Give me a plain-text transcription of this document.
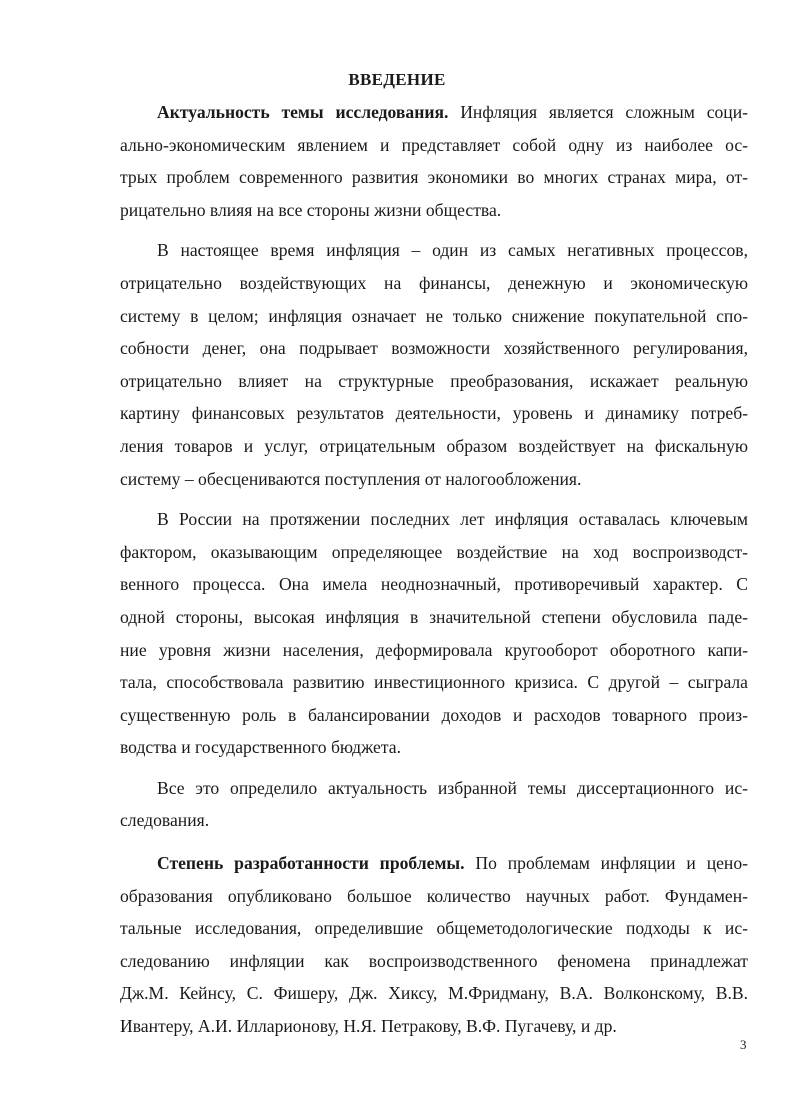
ВВЕДЕНИЕ

Актуальность темы исследования. Инфляция является сложным соци-
ально-экономическим явлением и представляет собой одну из наиболее ос-
трых проблем современного развития экономики во многих странах мира, от-
рицательно влияя на все стороны жизни общества.

В настоящее время инфляция – один из самых негативных процессов,
отрицательно воздействующих на финансы, денежную и экономическую
систему в целом; инфляция означает не только снижение покупательной спо-
собности денег, она подрывает возможности хозяйственного регулирования,
отрицательно влияет на структурные преобразования, искажает реальную
картину финансовых результатов деятельности, уровень и динамику потреб-
ления товаров и услуг, отрицательным образом воздействует на фискальную
систему – обесцениваются поступления от налогообложения.

В России на протяжении последних лет инфляция оставалась ключевым
фактором, оказывающим определяющее воздействие на ход воспроизводст-
венного процесса. Она имела неоднозначный, противоречивый характер. С
одной стороны, высокая инфляция в значительной степени обусловила паде-
ние уровня жизни населения, деформировала кругооборот оборотного капи-
тала, способствовала развитию инвестиционного кризиса. С другой – сыграла
существенную роль в балансировании доходов и расходов товарного произ-
водства и государственного бюджета.

Все это определило актуальность избранной темы диссертационного ис-
следования.

Степень разработанности проблемы. По проблемам инфляции и цено-
образования опубликовано большое количество научных работ. Фундамен-
тальные исследования, определившие общеметодологические подходы к ис-
следованию инфляции как воспроизводственного феномена принадлежат
Дж.М. Кейнсу, С. Фишеру, Дж. Хиксу, М.Фридману, В.А. Волконскому, В.В.
Ивантеру, А.И. Илларионову, Н.Я. Петракову, В.Ф. Пугачеву, и др.

3
